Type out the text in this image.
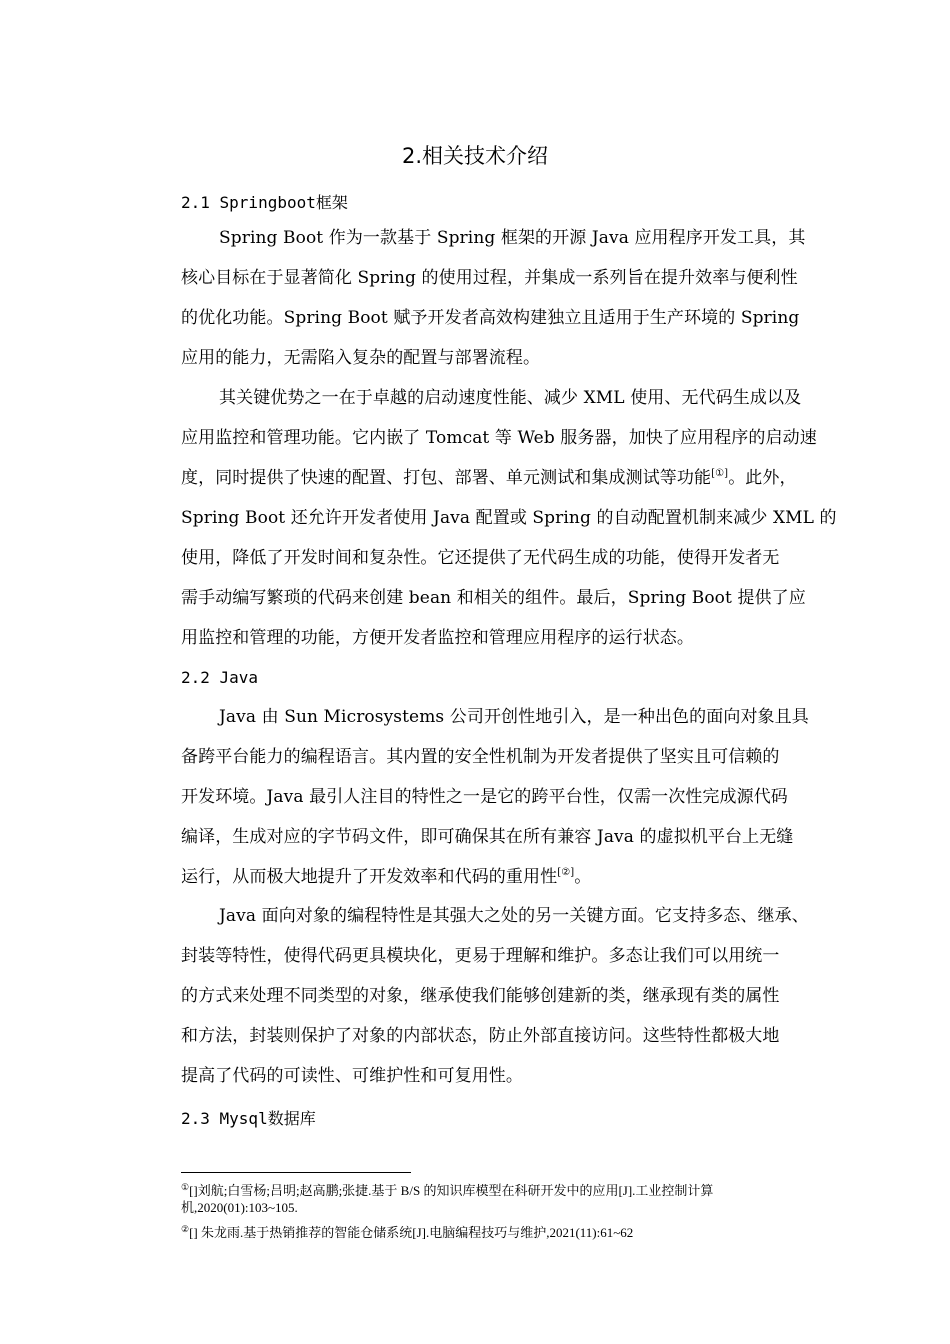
2.相关技术介绍
2.1 Springboot框架
Spring Boot 作为一款基于 Spring 框架的开源 Java 应用程序开发工具，其
核心目标在于显著简化 Spring 的使用过程，并集成一系列旨在提升效率与便利性
的优化功能。Spring Boot 赋予开发者高效构建独立且适用于生产环境的 Spring
应用的能力，无需陷入复杂的配置与部署流程。
其关键优势之一在于卓越的启动速度性能、减少 XML 使用、无代码生成以及
应用监控和管理功能。它内嵌了 Tomcat 等 Web 服务器，加快了应用程序的启动速
度，同时提供了快速的配置、打包、部署、单元测试和集成测试等功能[①]。此外，
Spring Boot 还允许开发者使用 Java 配置或 Spring 的自动配置机制来减少 XML 的
使用，降低了开发时间和复杂性。它还提供了无代码生成的功能，使得开发者无
需手动编写繁琐的代码来创建 bean 和相关的组件。最后，Spring Boot 提供了应
用监控和管理的功能，方便开发者监控和管理应用程序的运行状态。
2.2 Java
Java 由 Sun Microsystems 公司开创性地引入，是一种出色的面向对象且具
备跨平台能力的编程语言。其内置的安全性机制为开发者提供了坚实且可信赖的
开发环境。Java 最引人注目的特性之一是它的跨平台性，仅需一次性完成源代码
编译，生成对应的字节码文件，即可确保其在所有兼容 Java 的虚拟机平台上无缝
运行，从而极大地提升了开发效率和代码的重用性[②]。
Java 面向对象的编程特性是其强大之处的另一关键方面。它支持多态、继承、
封装等特性，使得代码更具模块化，更易于理解和维护。多态让我们可以用统一
的方式来处理不同类型的对象，继承使我们能够创建新的类，继承现有类的属性
和方法，封装则保护了对象的内部状态，防止外部直接访问。这些特性都极大地
提高了代码的可读性、可维护性和可复用性。
2.3 Mysql数据库
①[]刘航;白雪杨;吕明;赵高鹏;张捷.基于 B/S 的知识库模型在科研开发中的应用[J].工业控制计算
机,2020(01):103~105.
②[] 朱龙雨.基于热销推荐的智能仓储系统[J].电脑编程技巧与维护,2021(11):61~62
